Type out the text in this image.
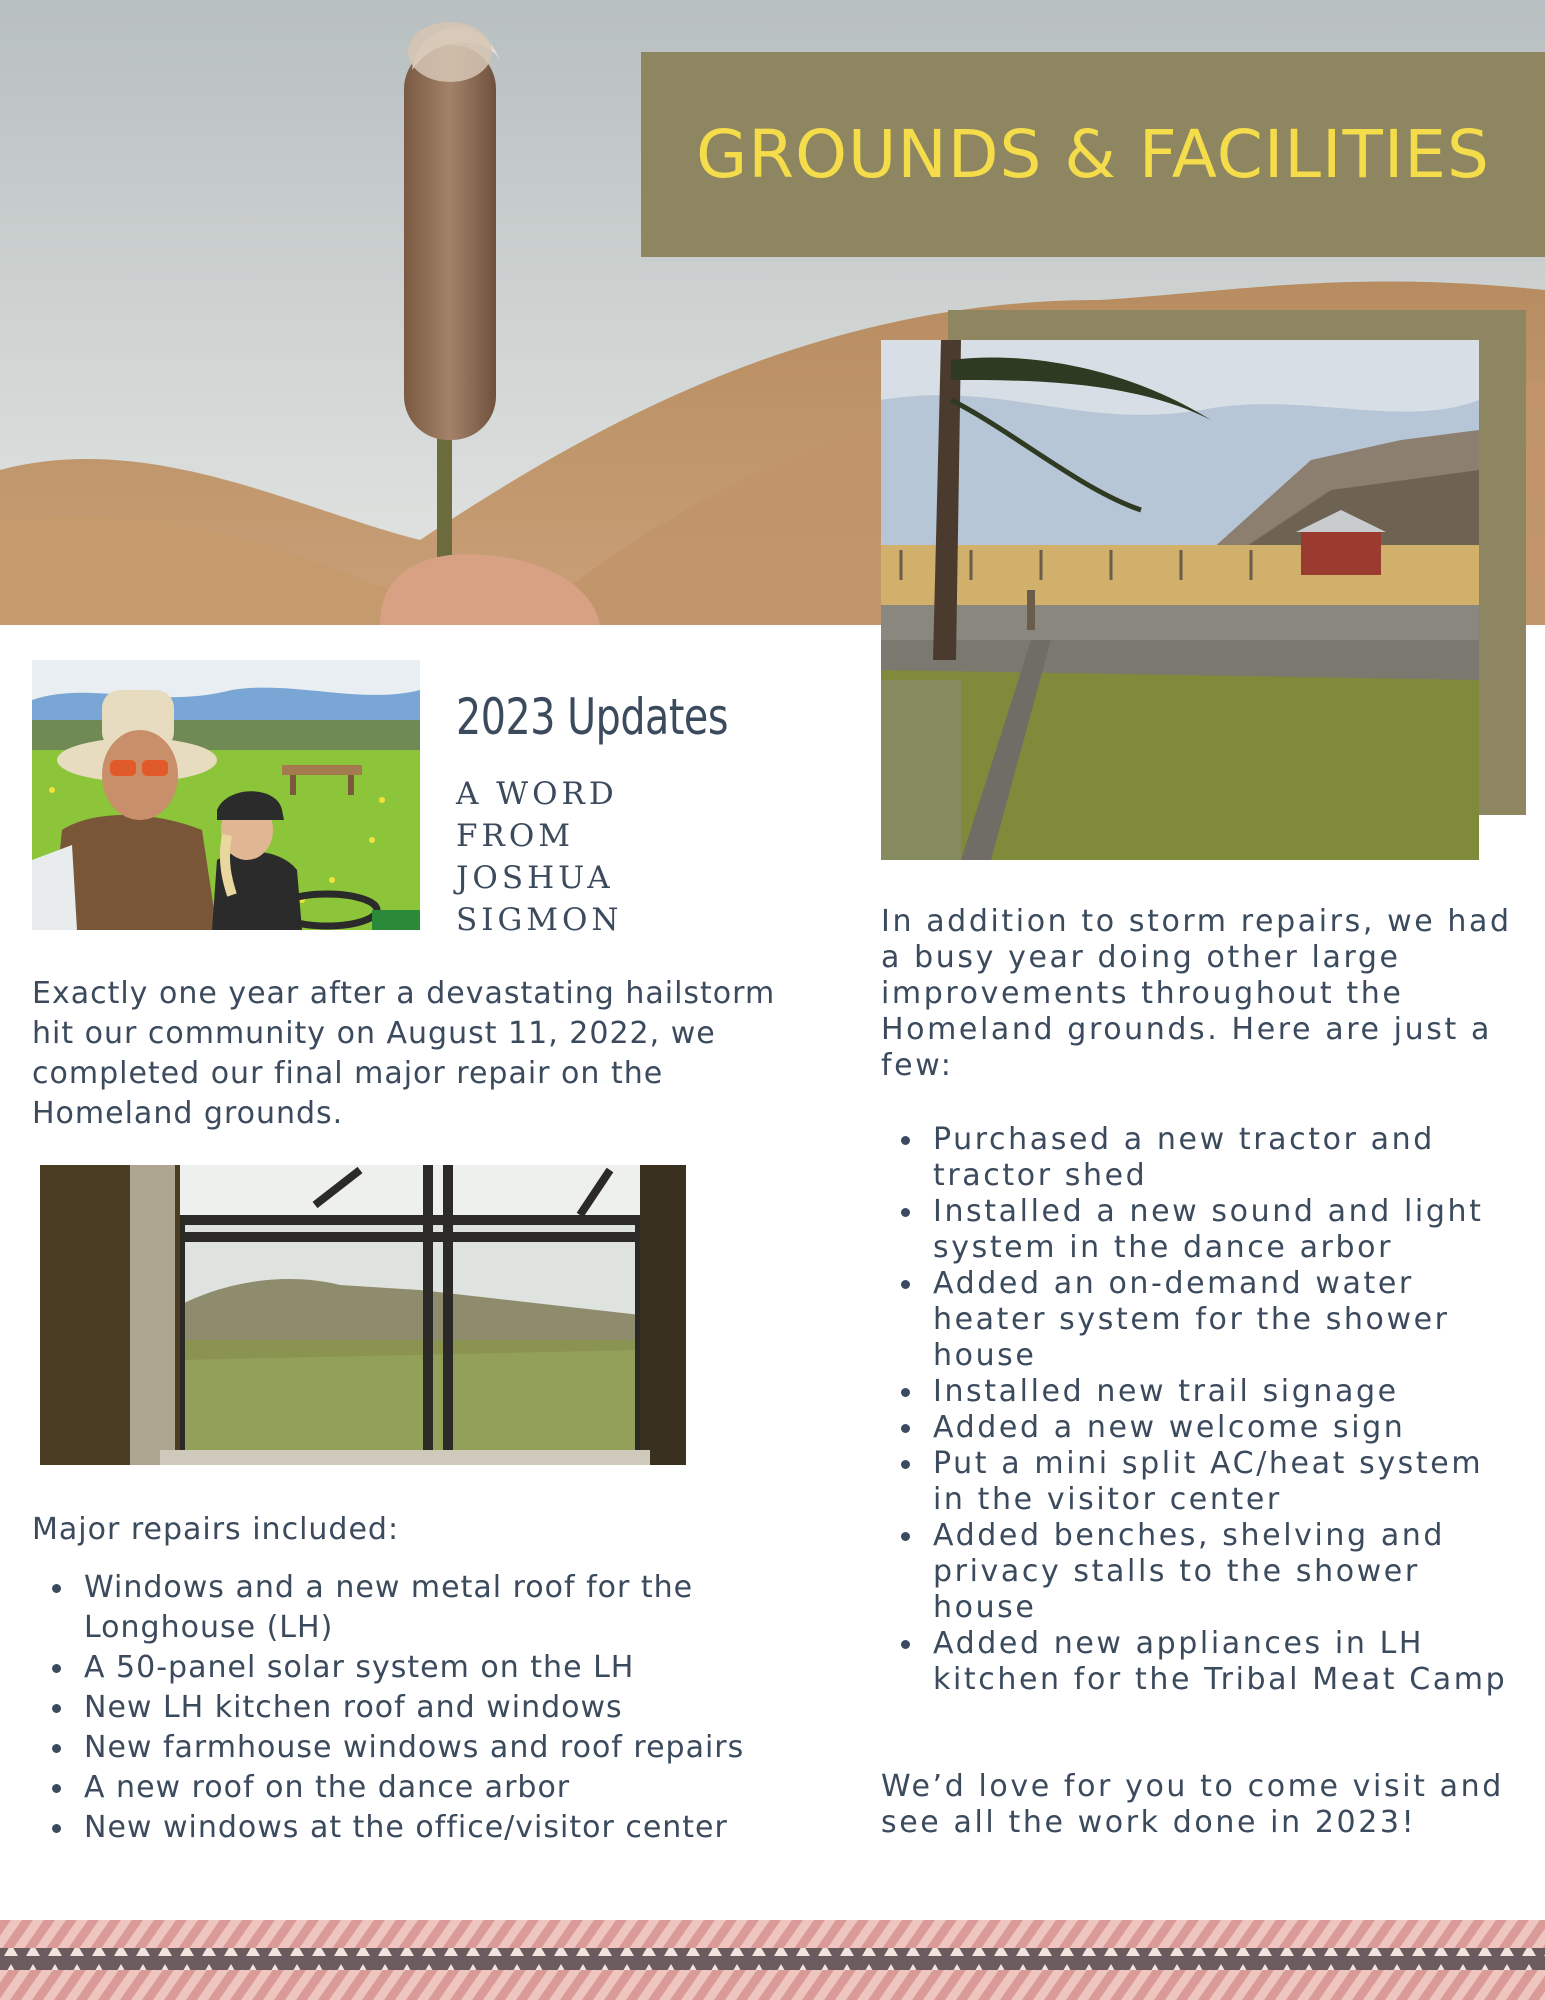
GROUNDS & FACILITIES
2023 Updates
A WORD
FROM JOSHUA
SIGMON
Exactly one year after a devastating hailstorm hit our community on August 11, 2022, we completed our final major repair on the Homeland grounds.
Major repairs included:
Windows and a new metal roof for the Longhouse (LH)
A 50-panel solar system on the LH
New LH kitchen roof and windows
New farmhouse windows and roof repairs
A new roof on the dance arbor
New windows at the office/visitor center
In addition to storm repairs, we had a busy year doing other large improvements throughout the Homeland grounds. Here are just a few:
Purchased a new tractor and tractor shed
Installed a new sound and light system in the dance arbor
Added an on-demand water heater system for the shower house
Installed new trail signage
Added a new welcome sign
Put a mini split AC/heat system in the visitor center
Added benches, shelving and privacy stalls to the shower house
Added new appliances in LH kitchen for the Tribal Meat Camp
We’d love for you to come visit and see all the work done in 2023!
